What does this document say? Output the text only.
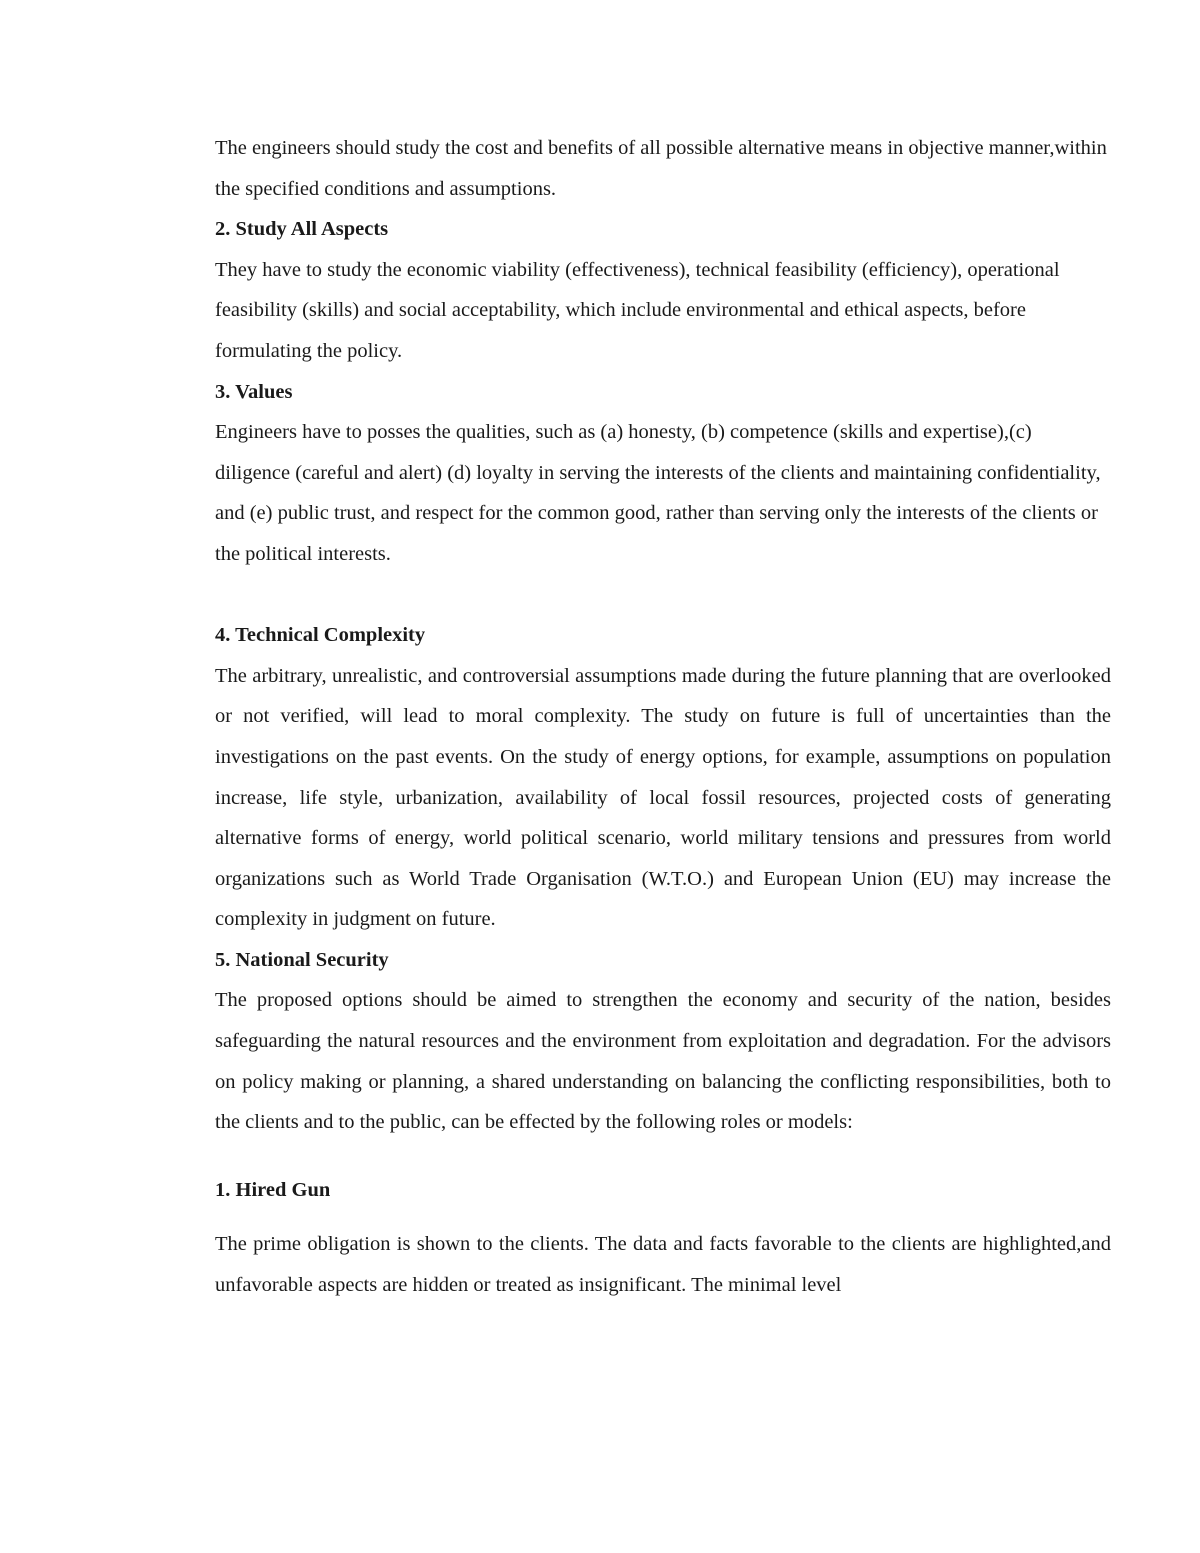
The engineers should study the cost and benefits of all possible alternative means in objective manner,within the specified conditions and assumptions.

2. Study All Aspects

They have to study the economic viability (effectiveness), technical feasibility (efficiency), operational feasibility (skills) and social acceptability, which include environmental and ethical aspects, before formulating the policy.

3. Values

Engineers have to posses the qualities, such as (a) honesty, (b) competence (skills and expertise),(c) diligence (careful and alert) (d) loyalty in serving the interests of the clients and maintaining confidentiality, and (e) public trust, and respect for the common good, rather than serving only the interests of the clients or the political interests.

4. Technical Complexity

The arbitrary, unrealistic, and controversial assumptions made during the future planning that are overlooked or not verified, will lead to moral complexity. The study on future is full of uncertainties than the investigations on the past events. On the study of energy options, for example, assumptions on population increase, life style, urbanization, availability of local fossil resources, projected costs of generating alternative forms of energy, world political scenario, world military tensions and pressures from world organizations such as World Trade Organisation (W.T.O.) and European Union (EU) may increase the complexity in judgment on future.

5. National Security

The proposed options should be aimed to strengthen the economy and security of the nation, besides safeguarding the natural resources and the environment from exploitation and degradation. For the advisors on policy making or planning, a shared understanding on balancing the conflicting responsibilities, both to the clients and to the public, can be effected by the following roles or models:

1. Hired Gun

The prime obligation is shown to the clients. The data and facts favorable to the clients are highlighted,and unfavorable aspects are hidden or treated as insignificant. The minimal level
